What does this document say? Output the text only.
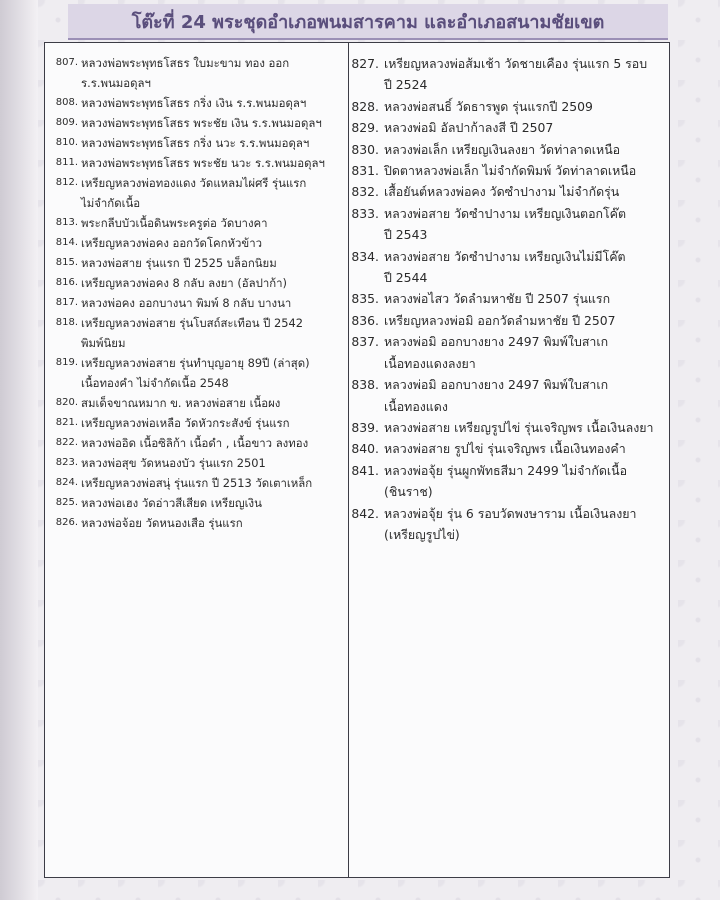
โต๊ะที่ 24 พระชุดอำเภอพนมสารคาม และอำเภอสนามชัยเขต
807. หลวงพ่อพระพุทธโสธร ใบมะขาม ทอง ออก
ร.ร.พนมอดุลฯ
808. หลวงพ่อพระพุทธโสธร กริ่ง เงิน ร.ร.พนมอดุลฯ
809. หลวงพ่อพระพุทธโสธร พระชัย เงิน ร.ร.พนมอดุลฯ
810. หลวงพ่อพระพุทธโสธร กริ่ง นวะ ร.ร.พนมอดุลฯ
811. หลวงพ่อพระพุทธโสธร พระชัย นวะ ร.ร.พนมอดุลฯ
812. เหรียญหลวงพ่อทองแดง วัดแหลมไผ่ศรี รุ่นแรก
ไม่จำกัดเนื้อ
813. พระกลีบบัวเนื้อดินพระครูต่อ วัดบางคา
814. เหรียญหลวงพ่อคง ออกวัดโคกหัวข้าว
815. หลวงพ่อสาย รุ่นแรก ปี 2525 บล็อกนิยม
816. เหรียญหลวงพ่อคง 8 กลับ ลงยา (อัลปาก้า)
817. หลวงพ่อคง ออกบางนา พิมพ์ 8 กลับ บางนา
818. เหรียญหลวงพ่อสาย รุ่นโบสถ์สะเทือน ปี 2542
พิมพ์นิยม
819. เหรียญหลวงพ่อสาย รุ่นทำบุญอายุ 89ปี (ล่าสุด)
เนื้อทองคำ ไม่จำกัดเนื้อ 2548
820. สมเด็จขาณหมาก ข. หลวงพ่อสาย เนื้อผง
821. เหรียญหลวงพ่อเหลือ วัดหัวกระสังข์ รุ่นแรก
822. หลวงพ่ออิด เนื้อซิลิก้า เนื้อดำ , เนื้อขาว ลงทอง
823. หลวงพ่อสุข วัดหนองบัว รุ่นแรก 2501
824. เหรียญหลวงพ่อสนุ่ รุ่นแรก ปี 2513 วัดเตาเหล็ก
825. หลวงพ่อเฮง วัดอ่าวสีเสียด เหรียญเงิน
826. หลวงพ่อจ้อย วัดหนองเสือ รุ่นแรก
827. เหรียญหลวงพ่อส้มเช้า วัดชายเคือง รุ่นแรก 5 รอบ
ปี 2524
828. หลวงพ่อสนธิ์ วัดธารพูด รุ่นแรกปี 2509
829. หลวงพ่อมิ อัลปาก้าลงสี ปี 2507
830. หลวงพ่อเล็ก เหรียญเงินลงยา วัดท่าลาดเหนือ
831. ปิดตาหลวงพ่อเล็ก ไม่จำกัดพิมพ์ วัดท่าลาดเหนือ
832. เสื้อยันต์หลวงพ่อคง วัดซำปางาม ไม่จำกัดรุ่น
833. หลวงพ่อสาย วัดซำปางาม เหรียญเงินตอกโค๊ต
ปี 2543
834. หลวงพ่อสาย วัดซำปางาม เหรียญเงินไม่มีโค๊ต
ปี 2544
835. หลวงพ่อไสว วัดลำมหาชัย ปี 2507 รุ่นแรก
836. เหรียญหลวงพ่อมิ ออกวัดลำมหาชัย ปี 2507
837. หลวงพ่อมิ ออกบางยาง 2497 พิมพ์ใบสาเก
เนื้อทองแดงลงยา
838. หลวงพ่อมิ ออกบางยาง 2497 พิมพ์ใบสาเก
เนื้อทองแดง
839. หลวงพ่อสาย เหรียญรูปไข่ รุ่นเจริญพร เนื้อเงินลงยา
840. หลวงพ่อสาย รูปไข่ รุ่นเจริญพร เนื้อเงินทองคำ
841. หลวงพ่อจุ้ย รุ่นผูกพัทธสีมา 2499 ไม่จำกัดเนื้อ
(ชินราช)
842. หลวงพ่อจุ้ย รุ่น 6 รอบวัดพงษาราม เนื้อเงินลงยา
(เหรียญรูปไข่)
